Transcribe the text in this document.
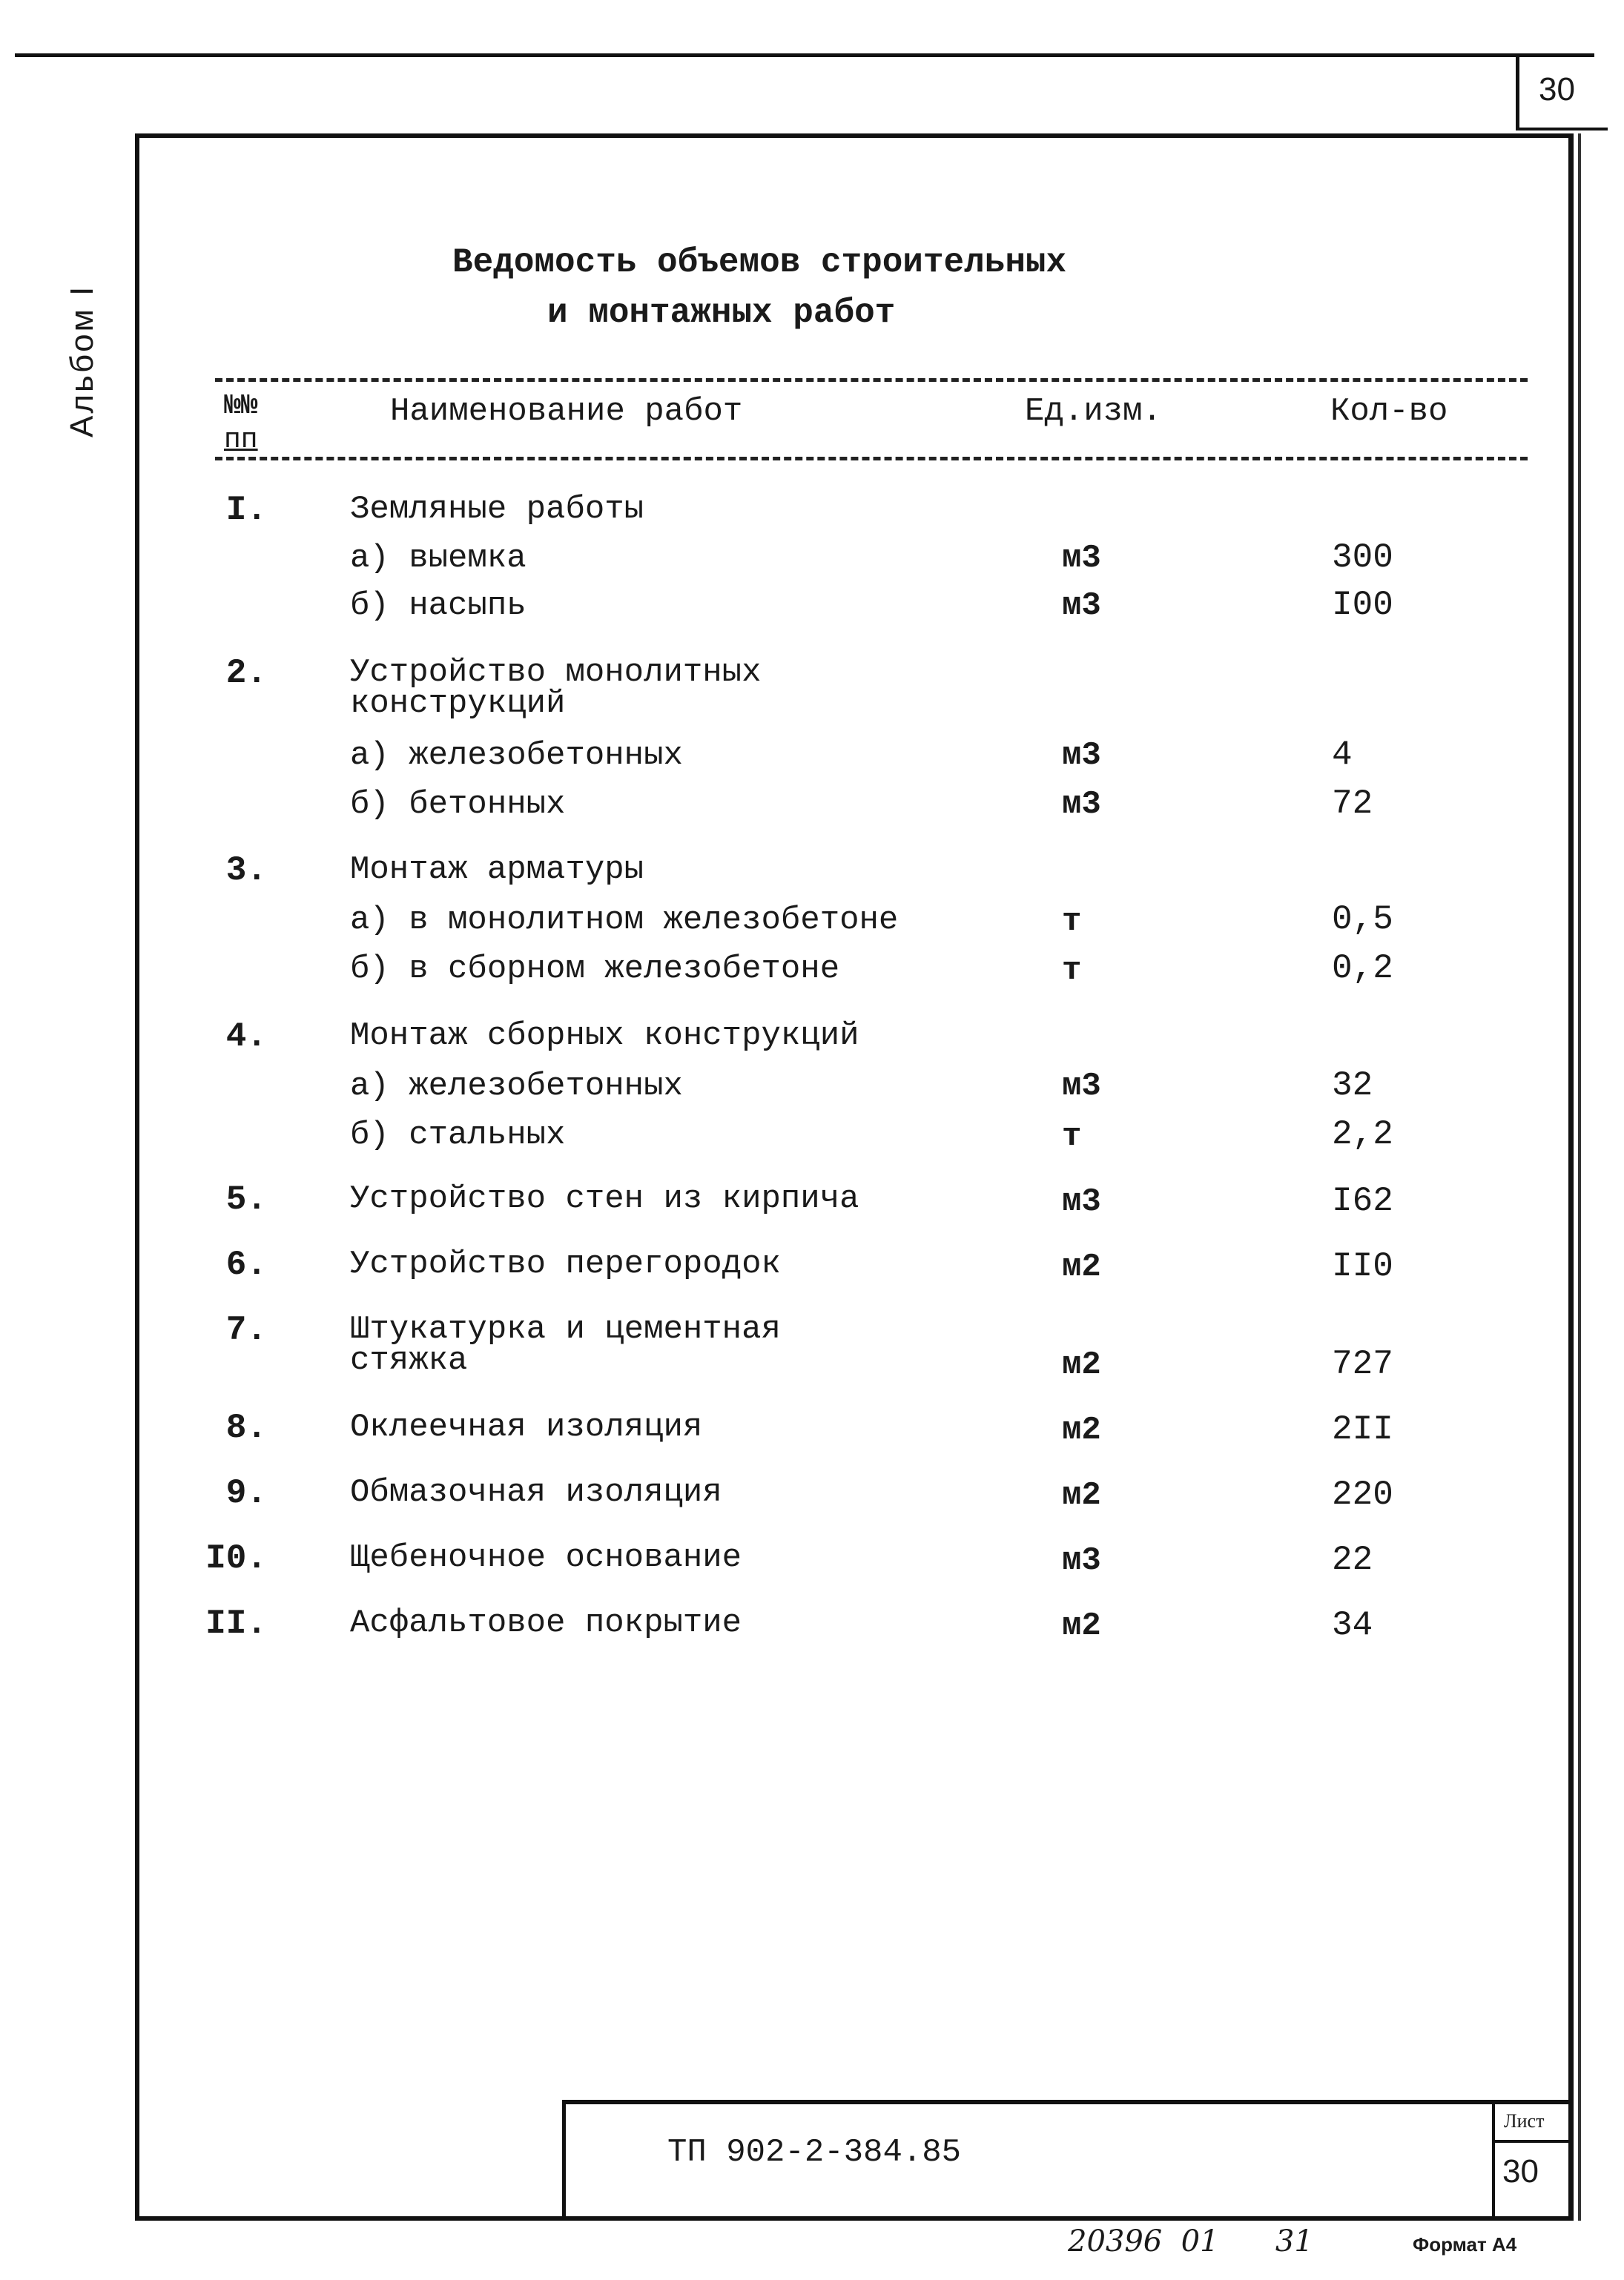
30
Альбом I
Ведомость объемов строительных
и монтажных работ
№№
пп
Наименование работ	Ед.изм.	Кол-во
I.	Земляные работы
а) выемка	м3	300
б) насыпь	м3	I00
2.	Устройство монолитных
конструкций
а) железобетонных	м3	4
б) бетонных	м3	72
3.	Монтаж арматуры
а) в монолитном железобетоне	т	0,5
б) в сборном железобетоне	т	0,2
4.	Монтаж сборных конструкций
а) железобетонных	м3	32
б) стальных	т	2,2
5.	Устройство стен из кирпича	м3	I62
6.	Устройство перегородок	м2	II0
7.	Штукатурка и цементная
стяжка	м2	727
8.	Оклеечная изоляция	м2	2II
9.	Обмазочная изоляция	м2	220
I0.	Щебеночное основание	м3	22
II.	Асфальтовое покрытие	м2	34
ТП 902-2-384.85
Лист
30
20396  01      31	Формат А4
